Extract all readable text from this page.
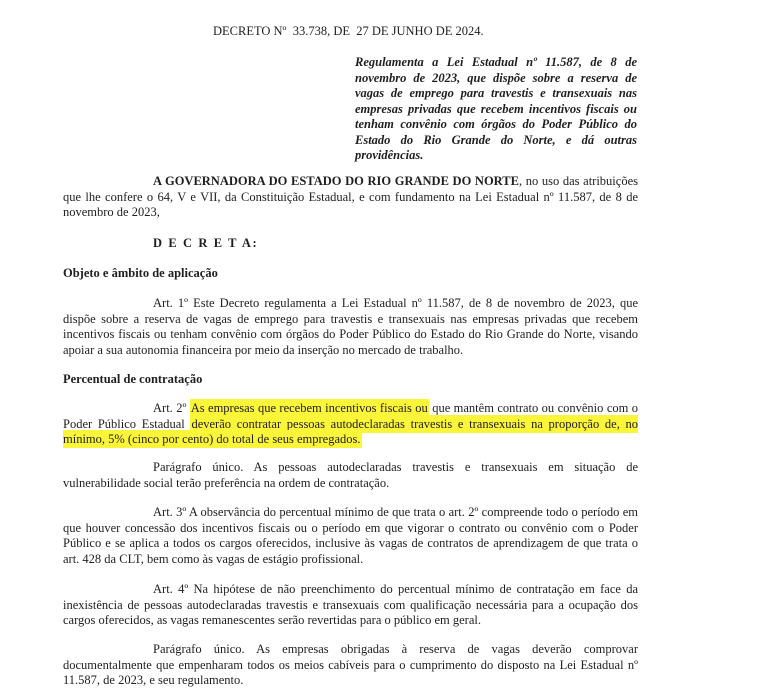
DECRETO Nº  33.738, DE  27 DE JUNHO DE 2024.
Regulamenta a Lei Estadual nº 11.587, de 8 de novembro de 2023, que dispõe sobre a reserva de vagas de emprego para travestis e transexuais nas empresas privadas que recebem incentivos fiscais ou tenham convênio com órgãos do Poder Público do Estado do Rio Grande do Norte, e dá outras providências.
A GOVERNADORA DO ESTADO DO RIO GRANDE DO NORTE, no uso das atribuições que lhe confere o 64, V e VII, da Constituição Estadual, e com fundamento na Lei Estadual nº 11.587, de 8 de novembro de 2023,
D E C R E T A:
Objeto e âmbito de aplicação
Art. 1º Este Decreto regulamenta a Lei Estadual nº 11.587, de 8 de novembro de 2023, que dispõe sobre a reserva de vagas de emprego para travestis e transexuais nas empresas privadas que recebem incentivos fiscais ou tenham convênio com órgãos do Poder Público do Estado do Rio Grande do Norte, visando apoiar a sua autonomia financeira por meio da inserção no mercado de trabalho.
Percentual de contratação
Art. 2º As empresas que recebem incentivos fiscais ou que mantêm contrato ou convênio com o Poder Público Estadual deverão contratar pessoas autodeclaradas travestis e transexuais na proporção de, no mínimo, 5% (cinco por cento) do total de seus empregados.
Parágrafo único. As pessoas autodeclaradas travestis e transexuais em situação de vulnerabilidade social terão preferência na ordem de contratação.
Art. 3º A observância do percentual mínimo de que trata o art. 2º compreende todo o período em que houver concessão dos incentivos fiscais ou o período em que vigorar o contrato ou convênio com o Poder Público e se aplica a todos os cargos oferecidos, inclusive às vagas de contratos de aprendizagem de que trata o art. 428 da CLT, bem como às vagas de estágio profissional.
Art. 4º Na hipótese de não preenchimento do percentual mínimo de contratação em face da inexistência de pessoas autodeclaradas travestis e transexuais com qualificação necessária para a ocupação dos cargos oferecidos, as vagas remanescentes serão revertidas para o público em geral.
Parágrafo único. As empresas obrigadas à reserva de vagas deverão comprovar documentalmente que empenharam todos os meios cabíveis para o cumprimento do disposto na Lei Estadual nº 11.587, de 2023, e seu regulamento.
